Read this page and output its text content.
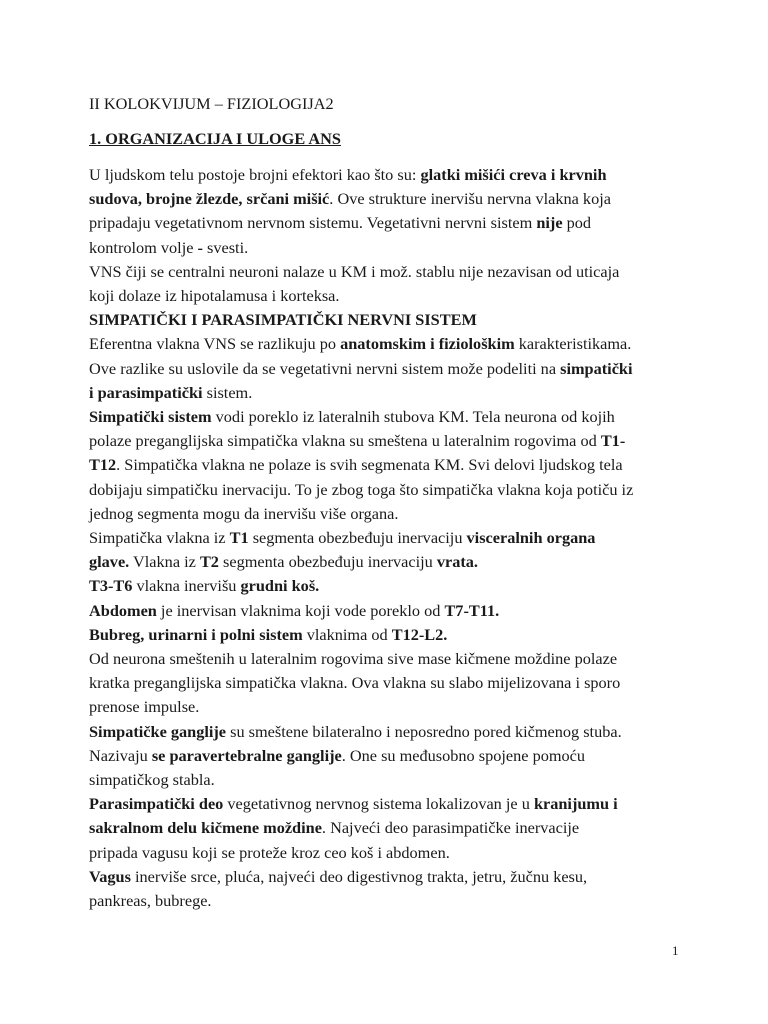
II KOLOKVIJUM – FIZIOLOGIJA2
1. ORGANIZACIJA I ULOGE ANS

U ljudskom telu postoje brojni efektori kao što su: glatki mišići creva i krvnih
sudova, brojne žlezde, srčani mišić. Ove strukture inervišu nervna vlakna koja
pripadaju vegetativnom nervnom sistemu. Vegetativni nervni sistem nije pod
kontrolom volje - svesti.

VNS čiji se centralni neuroni nalaze u KM i mož. stablu nije nezavisan od uticaja
koji dolaze iz hipotalamusa i korteksa.

SIMPATIČKI I PARASIMPATIČKI NERVNI SISTEM

Eferentna vlakna VNS se razlikuju po anatomskim i fiziološkim karakteristikama.
Ove razlike su uslovile da se vegetativni nervni sistem može podeliti na simpatički
i parasimpatički sistem.

Simpatički sistem vodi poreklo iz lateralnih stubova KM. Tela neurona od kojih
polaze preganglijska simpatička vlakna su smeštena u lateralnim rogovima od T1-
T12. Simpatička vlakna ne polaze is svih segmenata KM. Svi delovi ljudskog tela
dobijaju simpatičku inervaciju. To je zbog toga što simpatička vlakna koja potiču iz
jednog segmenta mogu da inervišu više organa.

Simpatička vlakna iz T1 segmenta obezbeđuju inervaciju visceralnih organa
glave. Vlakna iz T2 segmenta obezbeđuju inervaciju vrata.

T3-T6 vlakna inervišu grudni koš.

Abdomen je inervisan vlaknima koji vode poreklo od T7-T11.

Bubreg, urinarni i polni sistem vlaknima od T12-L2.

Od neurona smeštenih u lateralnim rogovima sive mase kičmene moždine polaze
kratka preganglijska simpatička vlakna. Ova vlakna su slabo mijelizovana i sporo
prenose impulse.

Simpatičke ganglije su smeštene bilateralno i neposredno pored kičmenog stuba.
Nazivaju se paravertebralne ganglije. One su međusobno spojene pomoću
simpatičkog stabla.

Parasimpatički deo vegetativnog nervnog sistema lokalizovan je u kranijumu i
sakralnom delu kičmene moždine. Najveći deo parasimpatičke inervacije
pripada vagusu koji se proteže kroz ceo koš i abdomen.

Vagus inerviše srce, pluća, najveći deo digestivnog trakta, jetru, žučnu kesu,
pankreas, bubrege.

1
